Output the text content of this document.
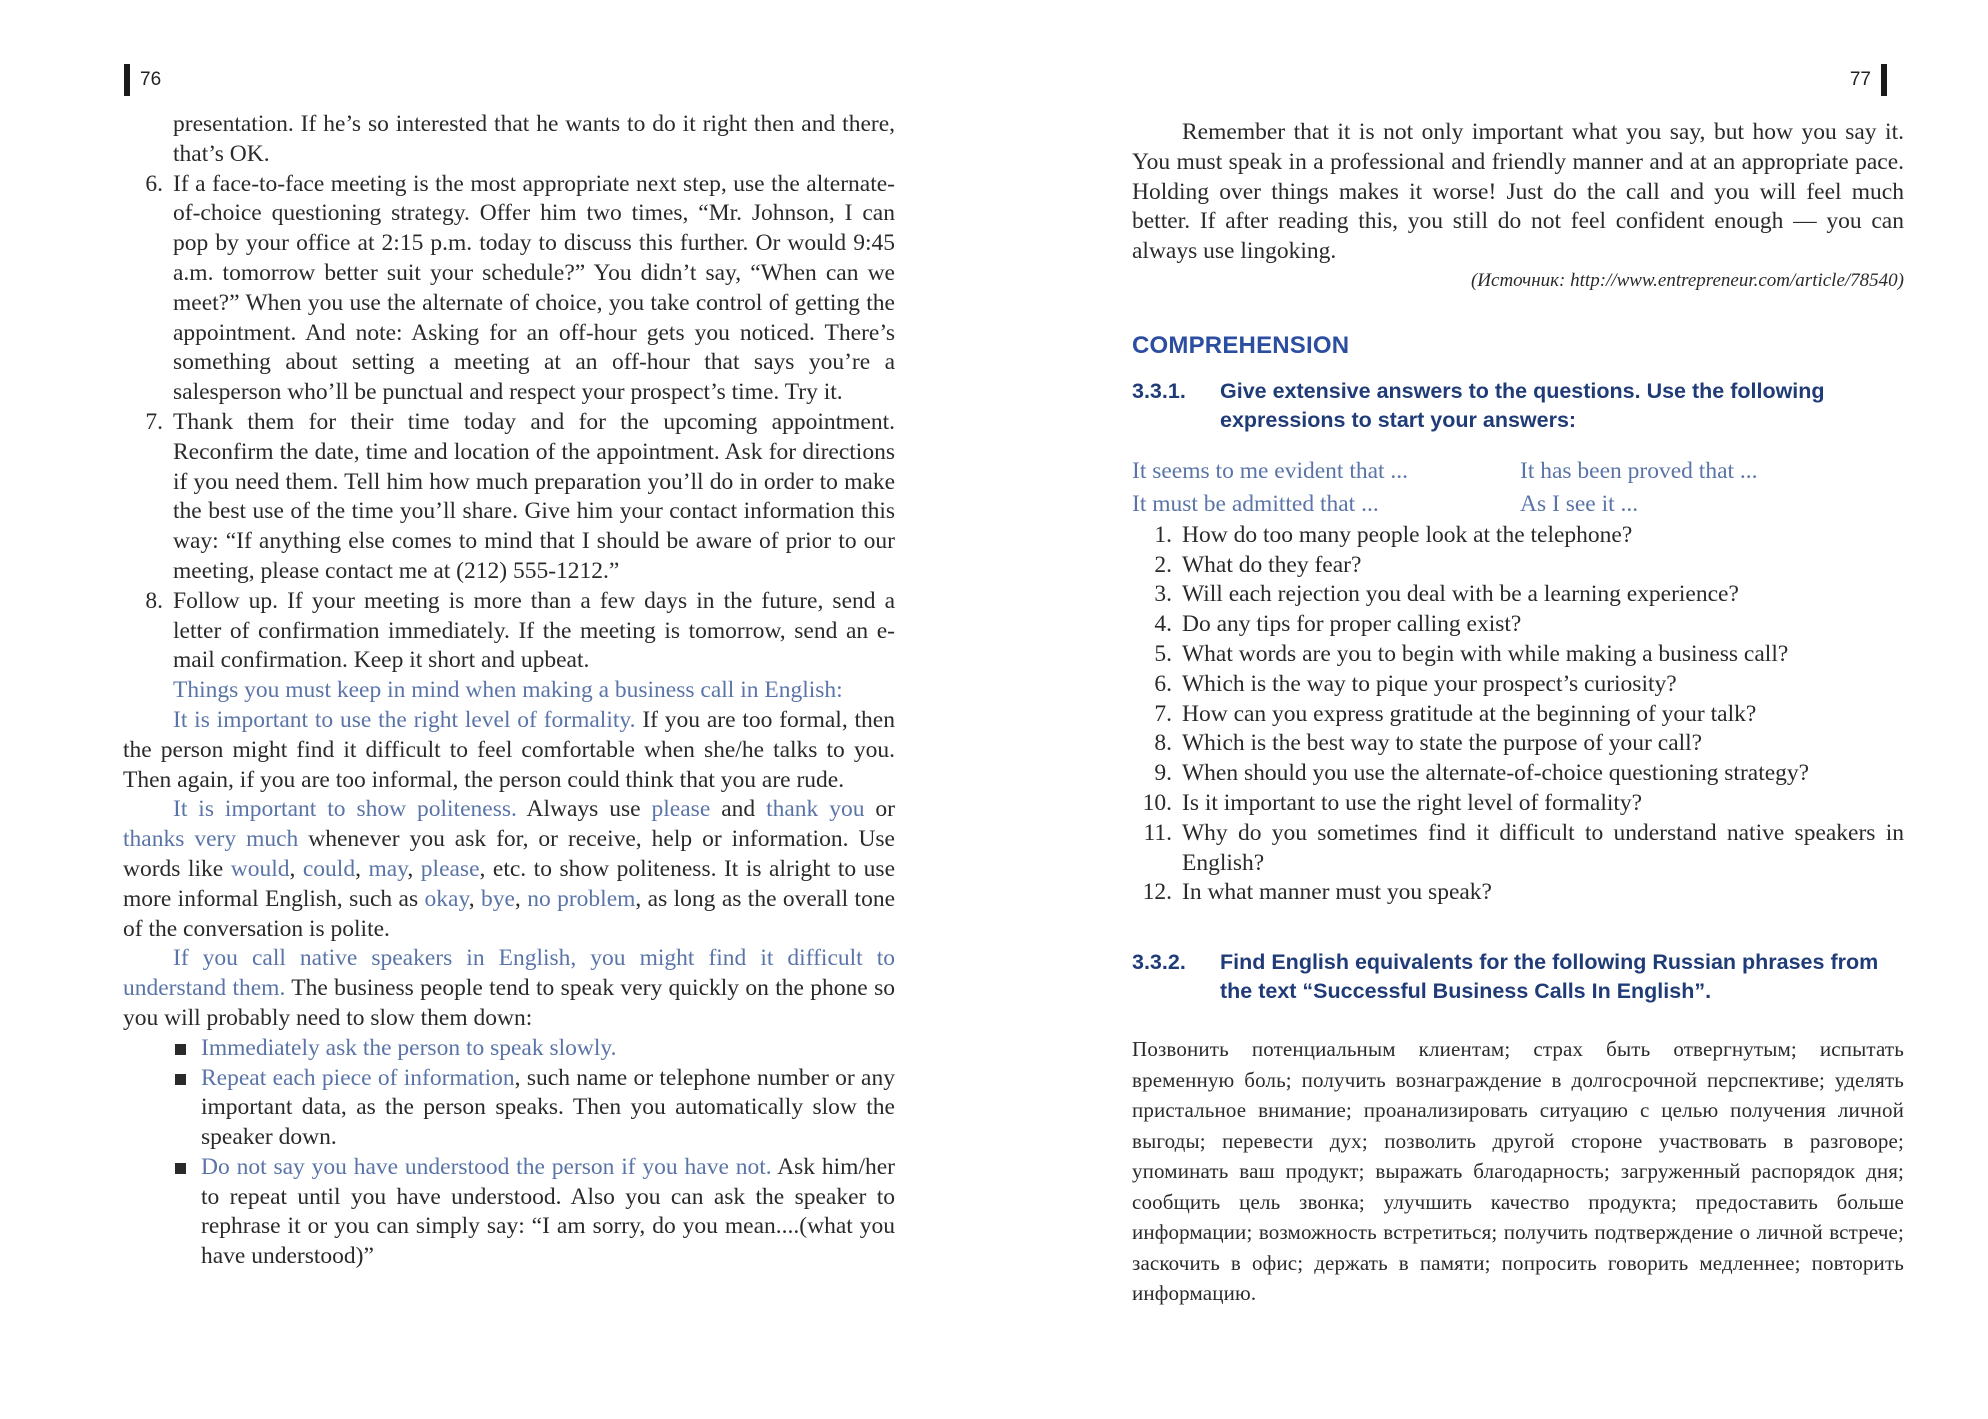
76

presentation. If he’s so interested that he wants to do it right then and there, that’s OK.

6. If a face-to-face meeting is the most appropriate next step, use the alternate-of-choice questioning strategy. Offer him two times, “Mr. Johnson, I can pop by your office at 2:15 p.m. today to discuss this further. Or would 9:45 a.m. tomorrow better suit your schedule?” You didn’t say, “When can we meet?” When you use the alternate of choice, you take control of getting the appointment. And note: Asking for an off-hour gets you noticed. There’s something about setting a meeting at an off-hour that says you’re a salesperson who’ll be punctual and respect your prospect’s time. Try it.
7. Thank them for their time today and for the upcoming appointment. Reconfirm the date, time and location of the appointment. Ask for directions if you need them. Tell him how much preparation you’ll do in order to make the best use of the time you’ll share. Give him your contact information this way: “If anything else comes to mind that I should be aware of prior to our meeting, please contact me at (212) 555-1212.”
8. Follow up. If your meeting is more than a few days in the future, send a letter of confirmation immediately. If the meeting is tomorrow, send an e-mail confirmation. Keep it short and upbeat.

Things you must keep in mind when making a business call in English:

It is important to use the right level of formality. If you are too formal, then the person might find it difficult to feel comfortable when she/he talks to you. Then again, if you are too informal, the person could think that you are rude.

It is important to show politeness. Always use please and thank you or thanks very much whenever you ask for, or receive, help or information. Use words like would, could, may, please, etc. to show politeness. It is alright to use more informal English, such as okay, bye, no problem, as long as the overall tone of the conversation is polite.

If you call native speakers in English, you might find it difficult to understand them. The business people tend to speak very quickly on the phone so you will probably need to slow them down:

Immediately ask the person to speak slowly.
Repeat each piece of information, such name or telephone number or any important data, as the person speaks. Then you automatically slow the speaker down.
Do not say you have understood the person if you have not. Ask him/her to repeat until you have understood. Also you can ask the speaker to rephrase it or you can simply say: “I am sorry, do you mean....(what you have understood)”
77

Remember that it is not only important what you say, but how you say it. You must speak in a professional and friendly manner and at an appropriate pace. Holding over things makes it worse! Just do the call and you will feel much better. If after reading this, you still do not feel confident enough — you can always use lingoking.

(Источник: http://www.entrepreneur.com/article/78540)

COMPREHENSION
3.3.1.	Give extensive answers to the questions. Use the following expressions to start your answers:
It seems to me evident that ...	It has been proved that ...
It must be admitted that ...	As I see it ...
1. How do too many people look at the telephone?
2. What do they fear?
3. Will each rejection you deal with be a learning experience?
4. Do any tips for proper calling exist?
5. What words are you to begin with while making a business call?
6. Which is the way to pique your prospect’s curiosity?
7. How can you express gratitude at the beginning of your talk?
8. Which is the best way to state the purpose of your call?
9. When should you use the alternate-of-choice questioning strategy?
10. Is it important to use the right level of formality?
11. Why do you sometimes find it difficult to understand native speakers in English?
12. In what manner must you speak?
3.3.2.	Find English equivalents for the following Russian phrases from the text “Successful Business Calls In English”.

Позвонить потенциальным клиентам; страх быть отвергнутым; испытать временную боль; получить вознаграждение в долгосрочной перспективе; уделять пристальное внимание; проанализировать ситуацию с целью получения личной выгоды; перевести дух; позволить другой стороне участвовать в разговоре; упоминать ваш продукт; выражать благодарность; загруженный распорядок дня; сообщить цель звонка; улучшить качество продукта; предоставить больше информации; возможность встретиться; получить подтверждение о личной встрече; заскочить в офис; держать в памяти; попросить говорить медленнее; повторить информацию.
